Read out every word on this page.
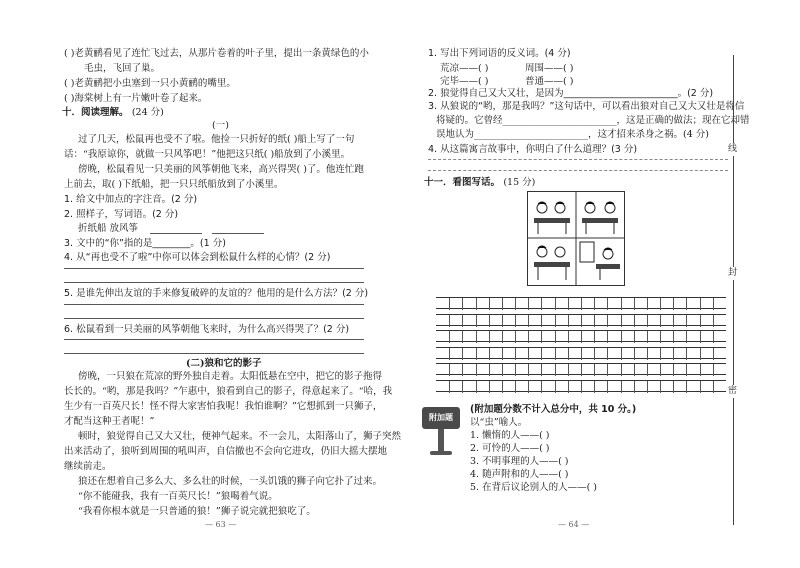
( )老黄鹂看见了连忙飞过去，从那片卷着的叶子里，提出一条黄绿色的小
毛虫，飞回了巢。
( )老黄鹂把小虫塞到一只小黄鹂的嘴里。
( )海棠树上有一片嫩叶卷了起来。
十．阅读理解。 (24 分)
(一)
过了几天，松鼠再也受不了啦。他捡一只折好的纸( )船上写了一句
话：“我原谅你，就做一只风筝吧！”他把这只纸( )船放到了小溪里。
傍晚，松鼠看见一只美丽的风筝朝他飞来，高兴得哭( )了。他连忙跑
上前去，取( )下纸船，把一只只纸船放到了小溪里。
1. 给文中加点的字注音。(2 分)
2. 照样子，写词语。(2 分)
折纸船 放风筝
3. 文中的“你”指的是________。(1 分)
4. 从“再也受不了啦”中你可以体会到松鼠什么样的心情？(2 分)
5. 是谁先伸出友谊的手来修复破碎的友谊的？他用的是什么方法？(2 分)
6. 松鼠看到一只美丽的风筝朝他飞来时，为什么高兴得哭了？(2 分)
(二)狼和它的影子
傍晚，一只狼在荒凉的野外独自走着。太阳低悬在空中，把它的影子拖得
长长的。“哟，那是我吗？”乍惠中，狼看到自己的影子，得意起来了。“哈，我
生少有一百英尺长！怪不得大家害怕我呢！我怕谁啊？”它想抓到一只狮子，
才配当这种王者呢！”
顿时，狼觉得自己又大又壮，便神气起来。不一会儿，太阳落山了，狮子突然
出来活动了，狼听到周围的吼叫声，自信撤也不会向它进攻，仍旧大摇大摆地
继续前走。
狼还在想着自己多么大、多么壮的时候，一头饥饿的狮子向它扑了过来。
“你不能碰我，我有一百英尺长！”狼喝着气说。
“我看你根本就是一只普通的狼！”狮子说完就把狼吃了。
— 63 —
1. 写出下列词语的反义词。(4 分)
荒凉——( )	周围——( )
完毕——( )	普通——( )
2. 狼觉得自己又大又壮，是因为________________________。(2 分)
3. 从狼说的“哟，那是我吗？”这句话中，可以看出狼对自己又大又壮是将信
将疑的。它曾经________________________，这是正确的做法；现在它却错
误地认为________________________，这才招来杀身之祸。(4 分)
4. 从这篇寓言故事中，你明白了什么道理？(3 分)
十一．看图写话。 (15 分)
附加题
(附加题分数不计入总分中，共 10 分。)
以“虫”喻人。
1. 懒惰的人——( )
2. 可怜的人——( )
3. 不明事理的人——( )
4. 随声附和的人——( )
5. 在背后议论别人的人——( )
— 64 —
线
封
密
